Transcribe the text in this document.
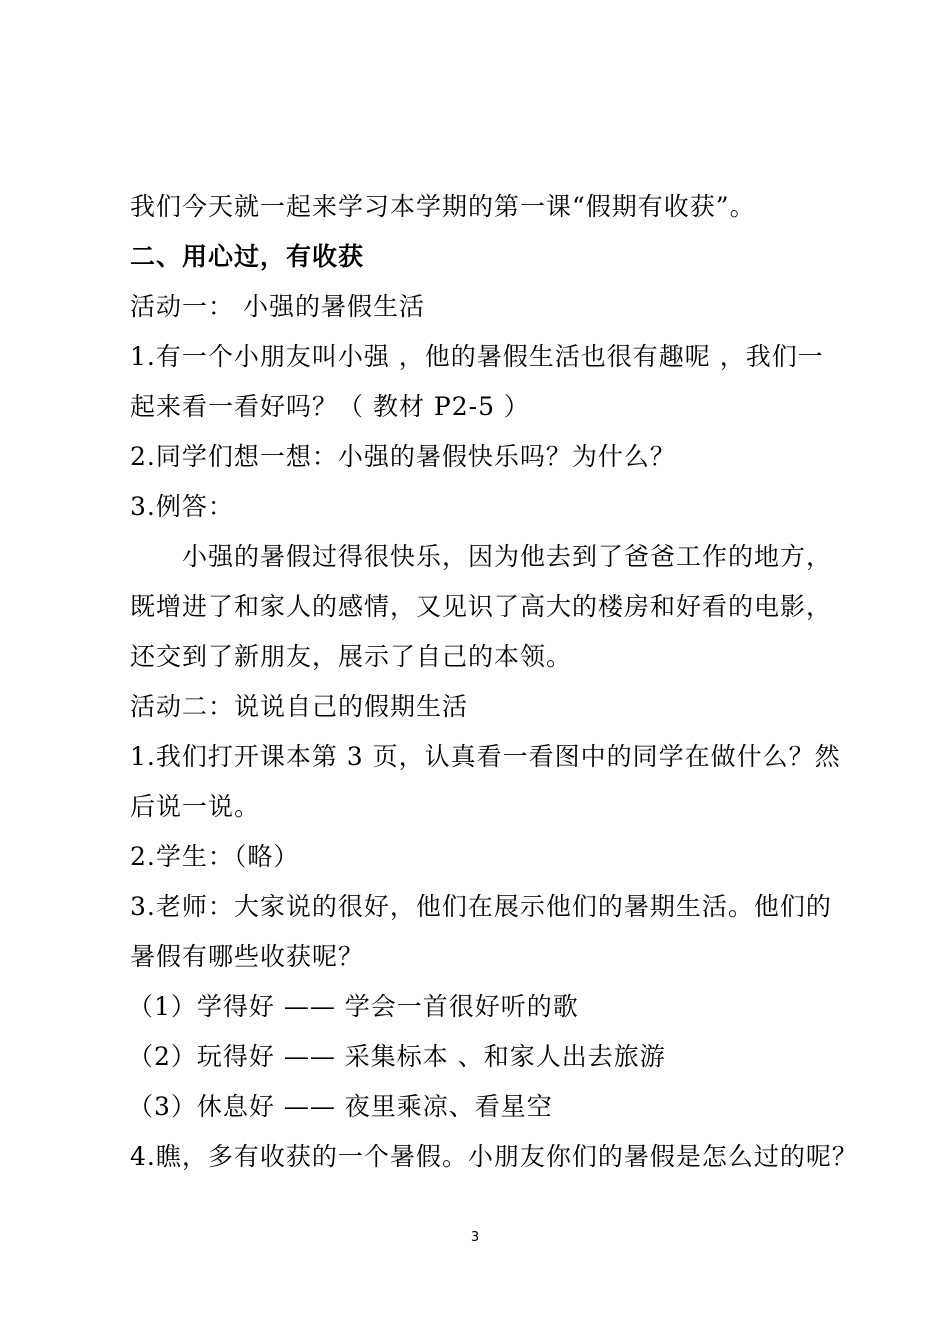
我们今天就一起来学习本学期的第一课“假期有收获”。

二、用心过，有收获

活动一： 小强的暑假生活

1.有一个小朋友叫小强 ，他的暑假生活也很有趣呢 ，我们一

起来看一看好吗？（ 教材 P2-5 ）

2.同学们想一想：小强的暑假快乐吗？为什么？

3.例答：

小强的暑假过得很快乐，因为他去到了爸爸工作的地方，

既增进了和家人的感情，又见识了高大的楼房和好看的电影，

还交到了新朋友，展示了自己的本领。

活动二：说说自己的假期生活

1.我们打开课本第 3 页，认真看一看图中的同学在做什么？然

后说一说。

2.学生：（略）

3.老师：大家说的很好，他们在展示他们的暑期生活。他们的

暑假有哪些收获呢？

（1）学得好 —— 学会一首很好听的歌

（2）玩得好 —— 采集标本 、和家人出去旅游

（3）休息好 —— 夜里乘凉、看星空

4.瞧，多有收获的一个暑假。小朋友你们的暑假是怎么过的呢？

3
